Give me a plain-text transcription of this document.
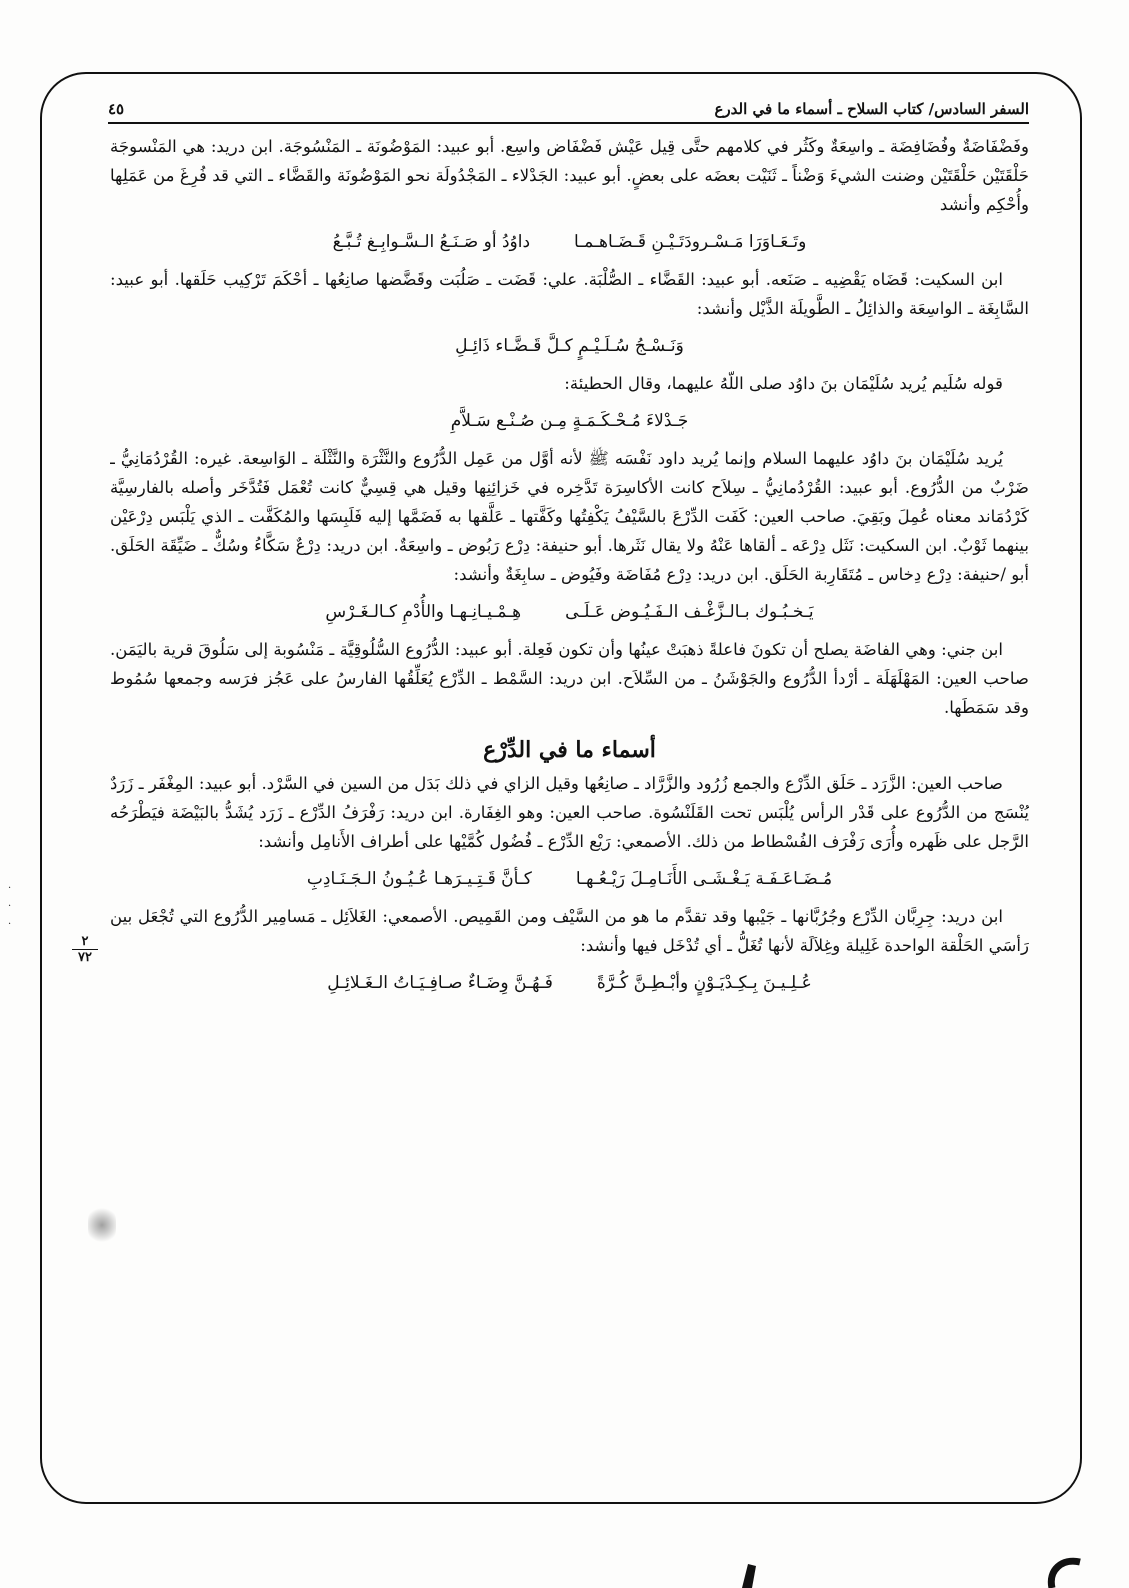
السفر السادس/ كتاب السلاح ـ أسماء ما في الدرع
٤٥

وفَضْفَاضَةٌ وفُضَافِضَة ـ واسِعَةٌ وكَثُر في كلامهم حتَّى قِيل عَيْش فَضْفَاض واسِع. أبو عبيد: المَوْضُونَة ـ المَنْسُوجَة. ابن دريد: هي المَنْسوجَة حَلْقَتَيْن حَلْقَتَيْن وضنت الشيءَ وَضْناً ـ ثَنَيْت بعضَه على بعضٍ. أبو عبيد: الجَدْلاء ـ المَجْدُولَة نحو المَوْضُونَة والقَضَّاء ـ التي قد فُرِغَ من عَمَلِها وأُحْكِم وأنشد

وتَـعَـاوَرَا مَـسْـرودَتَـيْـنِ قَـضَـاهـمـا
داوُدُ أو صَـنَـعُ الـسَّـوابِـغ تُـبَّـعُ

ابن السكيت: قَضَاه يَقْضِيه ـ صَنَعه. أبو عبيد: القَضَّاء ـ الصُّلْبَة. علي: قَضَت ـ صَلُبَت وقَضَّضها صانِعُها ـ أحْكَمَ تَرْكِيب حَلَقها. أبو عبيد: السَّابِغَة ـ الواسِعَة والذائِلُ ـ الطَّويلَة الذَّيْل وأنشد:

وَنَـسْـجُ سُـلَـيْـمٍ كـلَّ قَـضَّـاء ذَائِـلِ

قوله سُلَيم يُريد سُلَيْمَان بنَ داوُد صلى اللّهُ عليهما، وقال الحطيئة:

جَـدْلاءَ مُـحْـكَـمَـةٍ مِـن صُـنْـع سَـلاَّمِ

يُريد سُلَيْمَان بنَ داوُد عليهما السلام وإنما يُريد داود نَفْسَه ﷺ لأنه أوَّل من عَمِل الدُّرُوع والنَّثْرَة والنَّثْلَة ـ الوَاسِعة. غيره: القُرْدُمَانِيُّ ـ ضَرْبٌ من الدُّرُوع. أبو عبيد: القُرْدُمانِيُّ ـ سِلاَح كانت الأكاسِرَة تَدَّخِره في خَزائِنِها وقيل هي قِسِيٌّ كانت تُعْمَل فَتُدَّخَر وأصله بالفارسِيَّة كَرْدُمَاند معناه عُمِلَ وبَقِيَ. صاحب العين: كَفَت الدِّرْعَ بالسَّيْفُ يَكْفِتُها وكَفَّتها ـ عَلَّقها به فَضَمَّها إليه فَلَبِسَها والمُكَفَّت ـ الذي يَلْبَس دِرْعَيْن بينهما ثَوْبٌ. ابن السكيت: نَثَل دِرْعَه ـ ألقاها عَنْهُ ولا يقال نَثَرها. أبو حنيفة: دِرْع رَبُوض ـ واسِعَةٌ. ابن دريد: دِرْعٌ سَكَّاءُ وسُكٌّ ـ ضَيِّقَة الحَلَق. أبو /حنيفة: دِرْع دِخاس ـ مُتَقَارِبة الحَلَق. ابن دريد: دِرْع مُفَاضَة وفَيُوض ـ سابِغَةٌ وأنشد:

يَـخـبُـوك بـالـزَّغْـف الـفَـيُـوض عَـلَـى
هِـمْـيـانِـهـا والأُدْمِ كـالـغَـرْسِ

ابن جني: وهي الفاضَة يصلح أن تكونَ فاعلةً ذهبَتْ عينُها وأن تكون فَعِلة. أبو عبيد: الدُّرُوع السُّلُوقِيَّة ـ مَنْسُوبة إلى سَلُوقَ قرية باليَمَن. صاحب العين: المَهْلَهَلَة ـ أرْدأ الدُّرُوع والجَوْشَنُ ـ من السِّلاَح. ابن دريد: السَّمْط ـ الدِّرْع يُعَلِّقُها الفارسُ على عَجُز فرَسه وجمعها سُمُوط وقد سَمَطَها.

أسماء ما في الدِّرْع

صاحب العين: الزَّرَد ـ حَلَق الدِّرْع والجمع زُرُود والزَّرَّاد ـ صانِعُها وقيل الزاي في ذلك بَدَل من السين في السَّرْد. أبو عبيد: المِغْفَر ـ زَرَدٌ يُنْسَج من الدُّرُوع على قَدْر الرأس يُلْبَس تحت القَلَنْسُوة. صاحب العين: وهو الغِفَارة. ابن دريد: رَفْرَفُ الدِّرْع ـ زَرَد يُشَدُّ بالبَيْضَة فيَطْرَحُه الرَّجل على ظَهره وأُرَى رَفْرَف الفُسْطاط من ذلك. الأصمعي: رَيْع الدِّرْع ـ فُضُول كُمَّيْها على أطراف الأَنامِل وأنشد:

مُـضَـاعَـفَـة يَـغْـشَـى الأَنَـامِـلَ رَيْـعُـهـا
كـأنَّ قَـتِـيـرَهـا عُـيُـونُ الـجَـنَـادِبِ

ابن دريد: جِرِبَّان الدِّرْع وجُرُبَّانها ـ جَيْبها وقد تقدَّم ما هو من السَّيْف ومن القَمِيص. الأصمعي: الغَلاَئِل ـ مَسامِير الدُّرُوع التي تُجْعَل بين رَأسَي الحَلْقة الواحدة غَلِيلة وغِلاَلَة لأنها تُغَلُّ ـ أي تُدْخَل فيها وأنشد:

عُـلِـيـنَ بِـكِـدْيَـوْنٍ وأبْـطِـنَّ كُـرَّةً
فَـهُـنَّ وِضَـاءٌ صـافِـيَـاتُ الـغَـلائِـلِ
٢
٧٢
·
·
·
